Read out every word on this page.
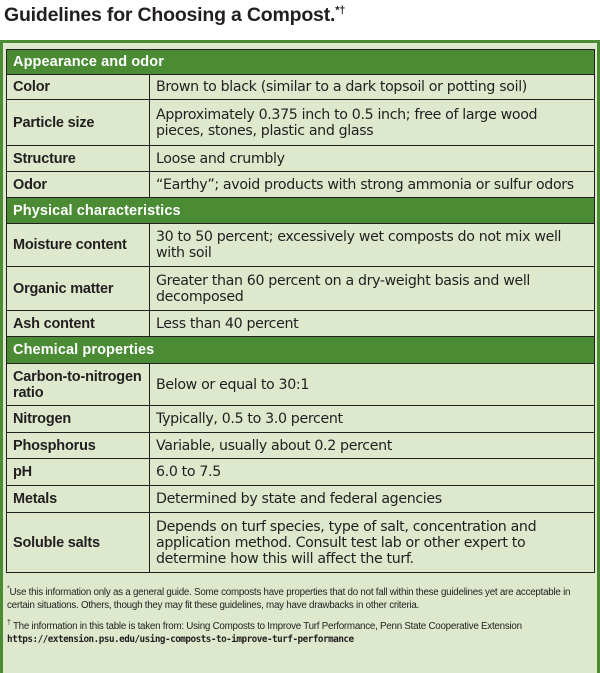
Guidelines for Choosing a Compost.*†
Appearance and odor	
Color	Brown to black (similar to a dark topsoil or potting soil)
Particle size	Approximately 0.375 inch to 0.5 inch; free of large wood pieces, stones, plastic and glass
Structure	Loose and crumbly
Odor	“Earthy”; avoid products with strong ammonia or sulfur odors
Physical characteristics	
Moisture content	30 to 50 percent; excessively wet composts do not mix well with soil
Organic matter	Greater than 60 percent on a dry-weight basis and well decomposed
Ash content	Less than 40 percent
Chemical properties	
Carbon-to-nitrogen ratio	Below or equal to 30:1
Nitrogen	Typically, 0.5 to 3.0 percent
Phosphorus	Variable, usually about 0.2 percent
pH	6.0 to 7.5
Metals	Determined by state and federal agencies
Soluble salts	Depends on turf species, type of salt, concentration and application method. Consult test lab or other expert to determine how this will affect the turf.
*Use this information only as a general guide. Some composts have properties that do not fall within these guidelines yet are acceptable in certain situations. Others, though they may fit these guidelines, may have drawbacks in other criteria.
† The information in this table is taken from: Using Composts to Improve Turf Performance, Penn State Cooperative Extension
https://extension.psu.edu/using-composts-to-improve-turf-performance
